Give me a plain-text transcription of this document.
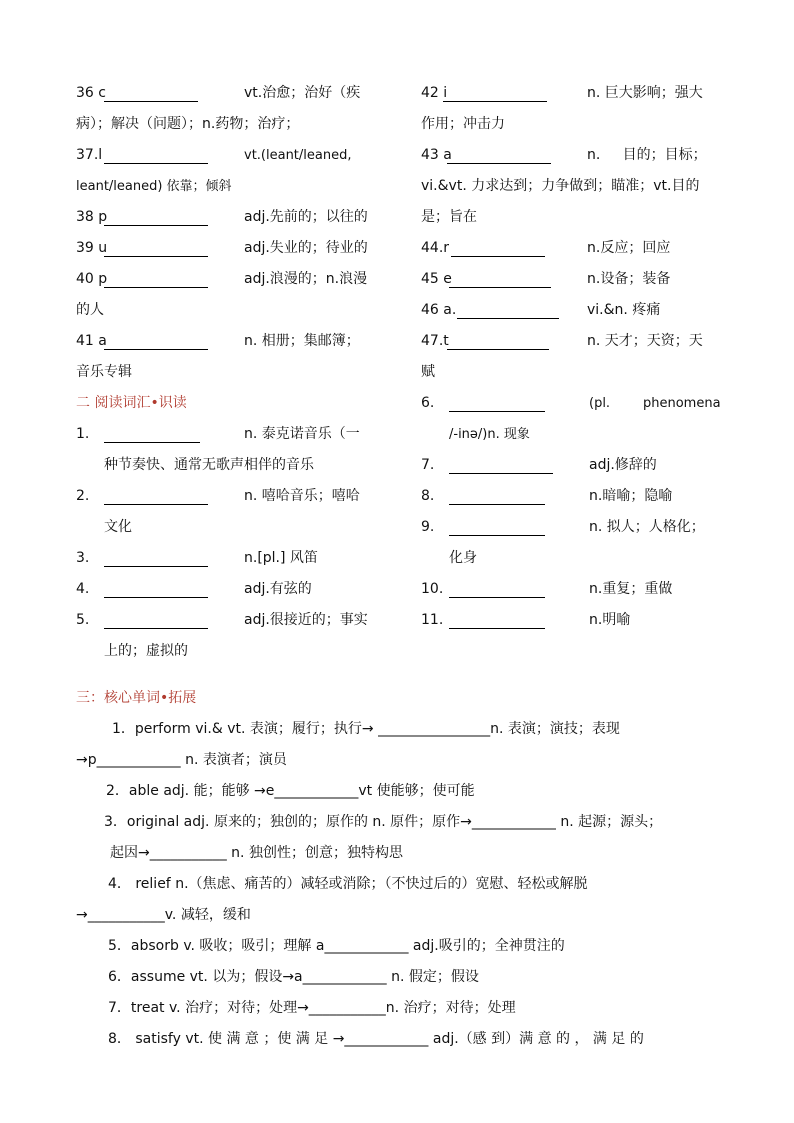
36 c	vt.治愈；治好（疾
病）；解决（问题）；n.药物；治疗；
37.l	vt.(leant/leaned,
leant/leaned) 依靠；倾斜
38 p	adj.先前的；以往的
39 u	adj.失业的；待业的
40 p	adj.浪漫的；n.浪漫
的人
41 a	n. 相册；集邮簿；
音乐专辑
二 阅读词汇•识读
1.	n. 泰克诺音乐（一
种节奏快、通常无歌声相伴的音乐
2.	n. 嘻哈音乐；嘻哈
文化
3.	n.[pl.] 风笛
4.	adj.有弦的
5.	adj.很接近的；事实
上的；虚拟的
42 i	n. 巨大影响；强大
作用；冲击力
43 a	n.     目的；目标；
vi.&vt. 力求达到；力争做到；瞄准；vt.目的
是；旨在
44.r	n.反应；回应
45 e	n.设备；装备
46 a.	vi.&n. 疼痛
47.t	n. 天才；天资；天
赋
6.	(pl.	phenomena
/-inə/)n. 现象
7.	adj.修辞的
8.	n.暗喻；隐喻
9.	n. 拟人；人格化；
化身
10.	n.重复；重做
11.	n.明喻
三：核心单词•拓展
1．perform vi.& vt. 表演；履行；执行→ ________________n. 表演；演技；表现
→p____________ n. 表演者；演员
2．able adj. 能；能够 →e____________vt 使能够；使可能
3．original adj. 原来的；独创的；原作的 n. 原件；原作→____________ n. 起源；源头；
起因→___________ n. 独创性；创意；独特构思
4． relief n.（焦虑、痛苦的）减轻或消除；（不快过后的）宽慰、轻松或解脱
→___________v. 减轻，缓和
5．absorb v. 吸收；吸引；理解 a____________ adj.吸引的；全神贯注的
6．assume vt. 以为；假设→a____________ n. 假定；假设
7．treat v. 治疗；对待；处理→___________n. 治疗；对待；处理
8． satisfy vt. 使 满 意 ；使 满 足 →____________ adj.（感 到）满 意 的 ， 满 足 的
